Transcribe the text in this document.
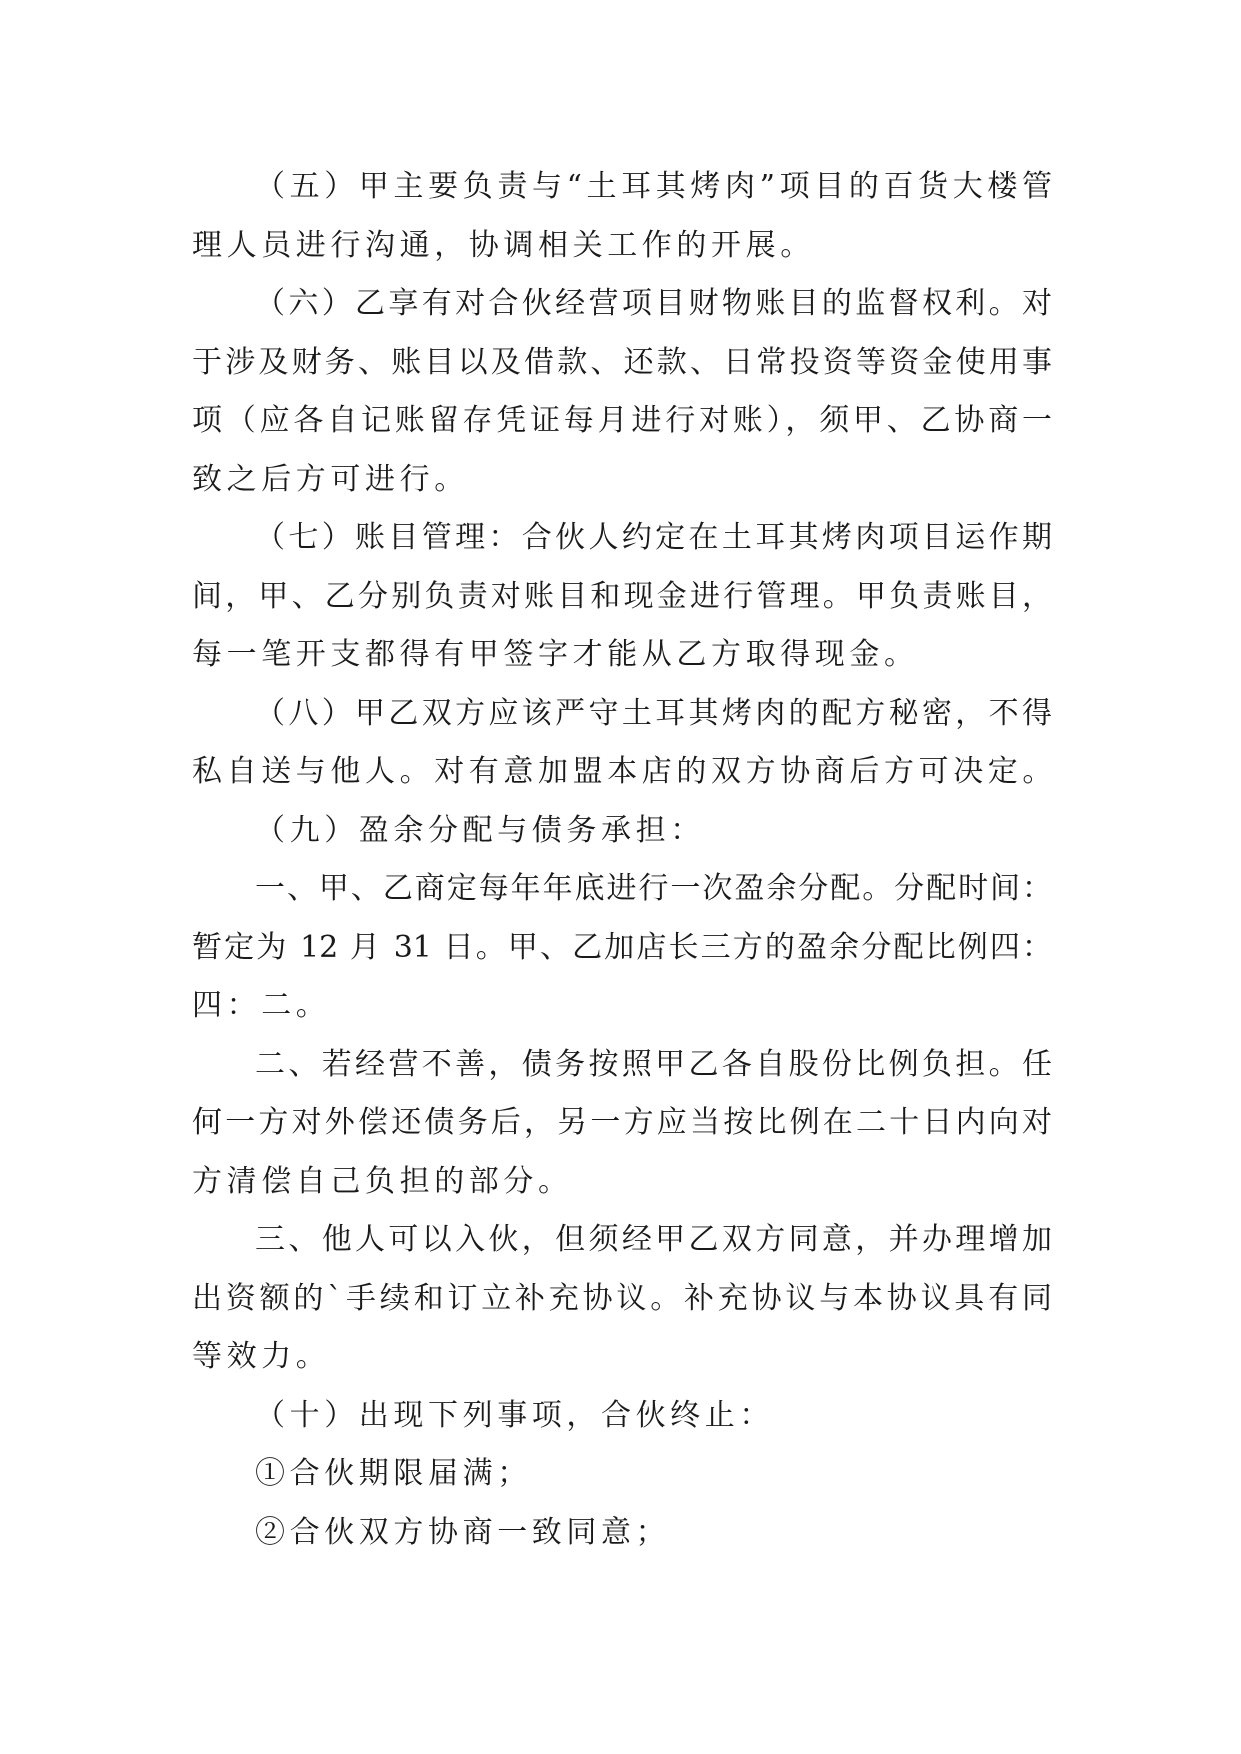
（五）甲主要负责与“土耳其烤肉”项目的百货大楼管
理人员进行沟通，协调相关工作的开展。
（六）乙享有对合伙经营项目财物账目的监督权利。对
于涉及财务、账目以及借款、还款、日常投资等资金使用事
项（应各自记账留存凭证每月进行对账），须甲、乙协商一
致之后方可进行。
（七）账目管理：合伙人约定在土耳其烤肉项目运作期
间，甲、乙分别负责对账目和现金进行管理。甲负责账目，
每一笔开支都得有甲签字才能从乙方取得现金。
（八）甲乙双方应该严守土耳其烤肉的配方秘密，不得
私自送与他人。对有意加盟本店的双方协商后方可决定。
（九）盈余分配与债务承担：
一、甲、乙商定每年年底进行一次盈余分配。分配时间：
暂定为 12 月 31 日。甲、乙加店长三方的盈余分配比例四：
四：二。
二、若经营不善，债务按照甲乙各自股份比例负担。任
何一方对外偿还债务后，另一方应当按比例在二十日内向对
方清偿自己负担的部分。
三、他人可以入伙，但须经甲乙双方同意，并办理增加
出资额的`手续和订立补充协议。补充协议与本协议具有同
等效力。
（十）出现下列事项，合伙终止：
①合伙期限届满；
②合伙双方协商一致同意；
